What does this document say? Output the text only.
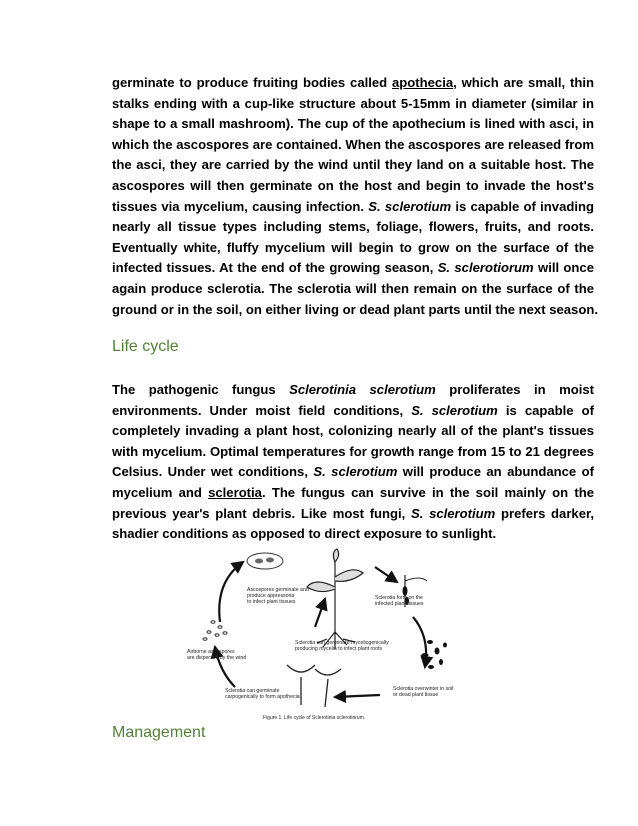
germinate to produce fruiting bodies called apothecia, which are small, thin
stalks ending with a cup-like structure about 5-15mm in diameter (similar in
shape to a small mashroom). The cup of the apothecium is lined with asci, in
which the ascospores are contained. When the ascospores are released from
the asci, they are carried by the wind until they land on a suitable host. The
ascospores will then germinate on the host and begin to invade the host's
tissues via mycelium, causing infection. S. sclerotium is capable of invading
nearly all tissue types including stems, foliage, flowers, fruits, and roots.
Eventually white, fluffy mycelium will begin to grow on the surface of the
infected tissues. At the end of the growing season, S. sclerotiorum will once
again produce sclerotia. The sclerotia will then remain on the surface of the
ground or in the soil, on either living or dead plant parts until the next season.
Life cycle
The pathogenic fungus Sclerotinia sclerotium proliferates in moist
environments. Under moist field conditions, S. sclerotium is capable of
completely invading a plant host, colonizing nearly all of the plant's tissues
with mycelium. Optimal temperatures for growth range from 15 to 21 degrees
Celsius. Under wet conditions, S. sclerotium will produce an abundance of
mycelium and sclerotia. The fungus can survive in the soil mainly on the
previous year's plant debris. Like most fungi, S. sclerotium prefers darker,
shadier conditions as opposed to direct exposure to sunlight.
Ascospores germinate and produce appressoria to infect plant tissues
Sclerotia form on the infected plant tissues
Sclerotia can germinate myceliogenically producing mycelia to infect plant roots
Airborne ascospores are dispersed by the wind
Sclerotia overwinter in soil or dead plant tissue
Sclerotia can germinate carpogenically to form apothecia
Figure 1. Life cycle of Sclerotinia sclerotiorum.
Management
